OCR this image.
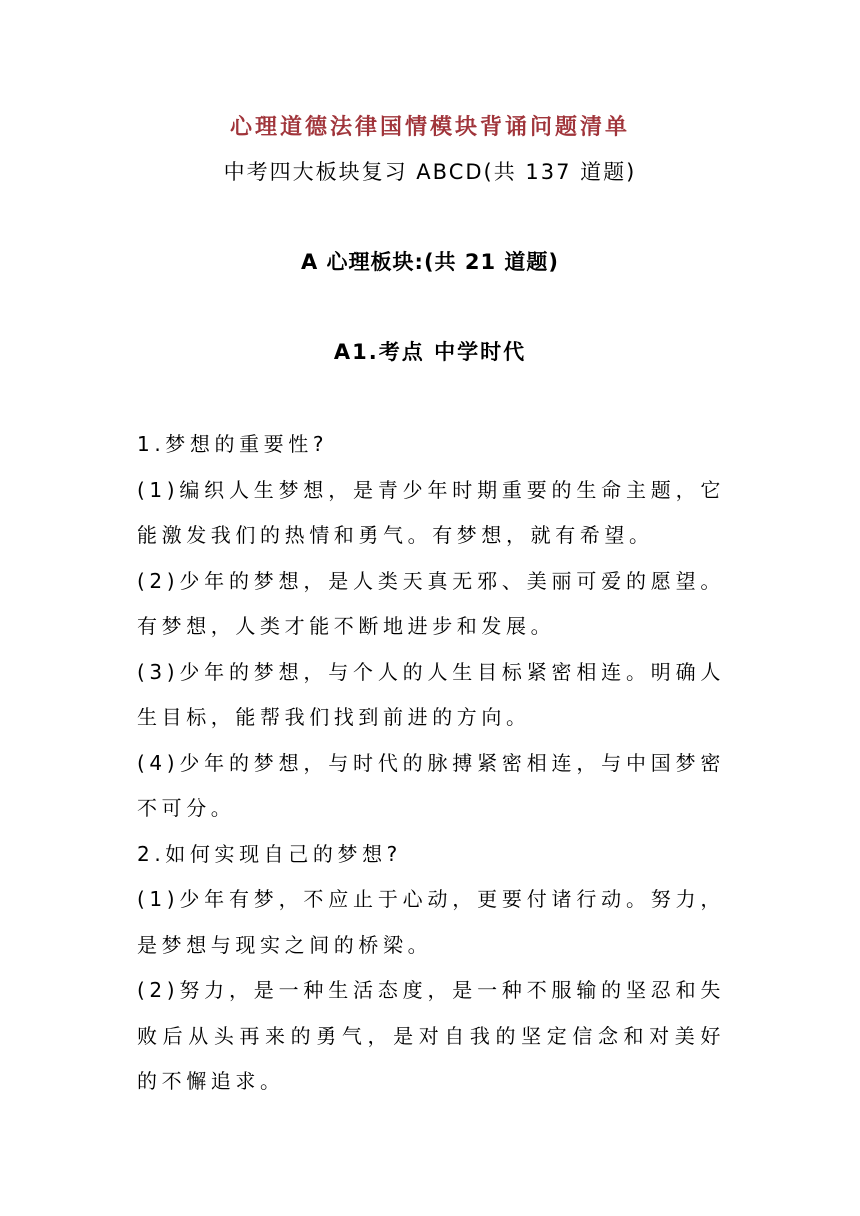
心理道德法律国情模块背诵问题清单
中考四大板块复习 ABCD(共 137 道题)
A 心理板块:(共 21 道题)
A1.考点 中学时代

1.梦想的重要性?

(1)编织人生梦想，是青少年时期重要的生命主题，它能激发我们的热情和勇气。有梦想，就有希望。

(2)少年的梦想，是人类天真无邪、美丽可爱的愿望。有梦想，人类才能不断地进步和发展。

(3)少年的梦想，与个人的人生目标紧密相连。明确人生目标，能帮我们找到前进的方向。

(4)少年的梦想，与时代的脉搏紧密相连，与中国梦密不可分。

2.如何实现自己的梦想?

(1)少年有梦，不应止于心动，更要付诸行动。努力，是梦想与现实之间的桥梁。

(2)努力，是一种生活态度，是一种不服输的坚忍和失败后从头再来的勇气，是对自我的坚定信念和对美好的不懈追求。
